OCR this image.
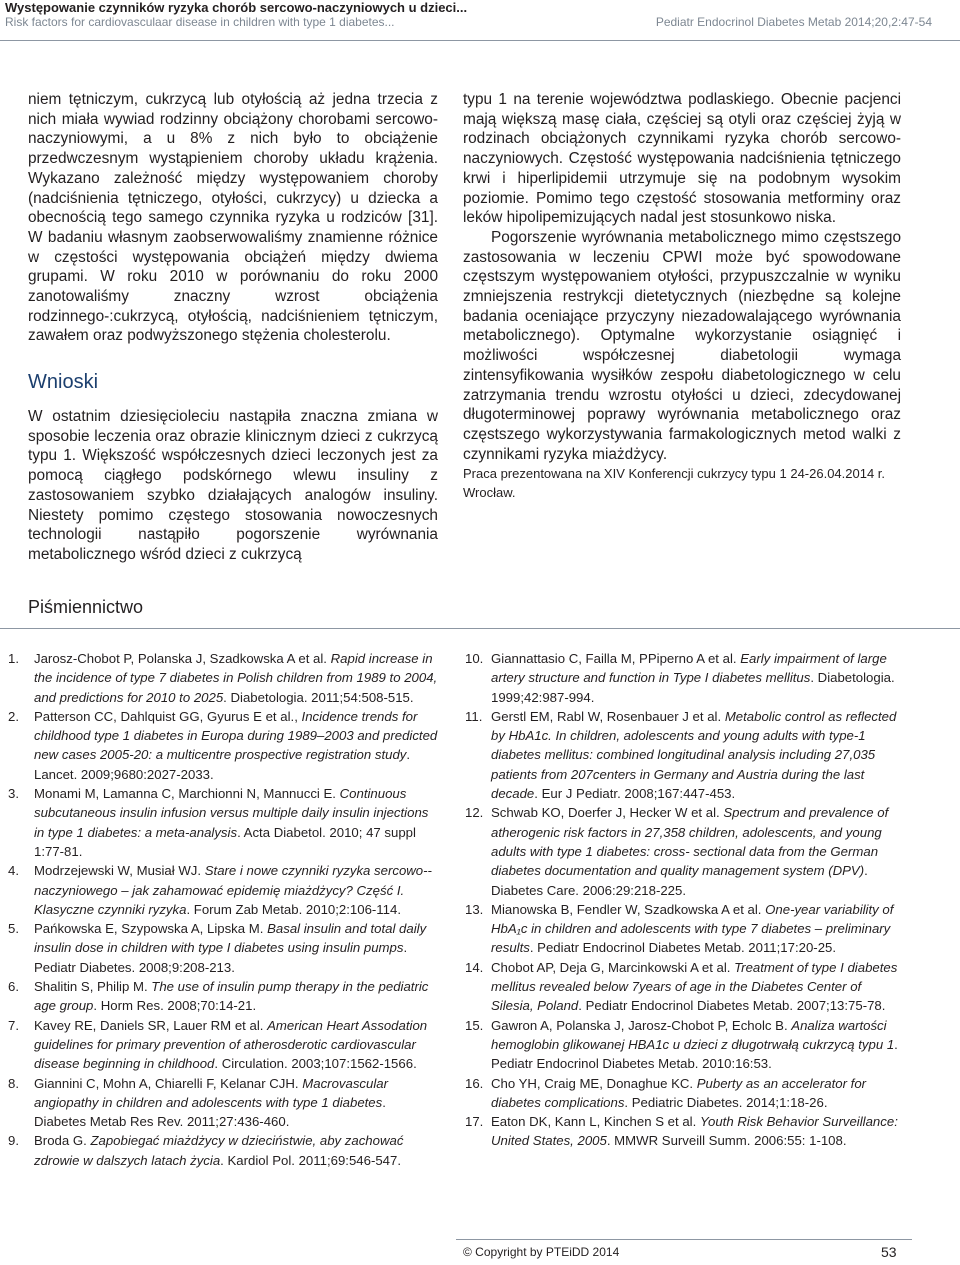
Występowanie czynników ryzyka chorób sercowo-naczyniowych u dzieci...
Risk factors for cardiovasculaar disease in children with type 1 diabetes...	Pediatr Endocrinol Diabetes Metab 2014;20,2:47-54

niem tętniczym, cukrzycą lub otyłością aż jedna trzecia z nich miała wywiad rodzinny obciążony chorobami sercowo-naczyniowymi, a u 8% z nich było to obciążenie przedwczesnym wystąpieniem choroby układu krążenia. Wykazano zależność między występowaniem choroby (nadciśnienia tętniczego, otyłości, cukrzycy) u dziecka a obecnością tego samego czynnika ryzyka u rodziców [31]. W badaniu własnym zaobserwowaliśmy znamienne różnice w częstości występowania obciążeń między dwiema grupami. W roku 2010 w porównaniu do roku 2000 zanotowaliśmy znaczny wzrost obciążenia rodzinnego-:cukrzycą, otyłością, nadciśnieniem tętniczym, zawałem oraz podwyższonego stężenia cholesterolu.

Wnioski

W ostatnim dziesięcioleciu nastąpiła znaczna zmiana w sposobie leczenia oraz obrazie klinicznym dzieci z cukrzycą typu 1. Większość współczesnych dzieci leczonych jest za pomocą ciągłego podskórnego wlewu insuliny z zastosowaniem szybko działających analogów insuliny. Niestety pomimo częstego stosowania nowoczesnych technologii nastąpiło pogorszenie wyrównania metabolicznego wśród dzieci z cukrzycą

typu 1 na terenie województwa podlaskiego. Obecnie pacjenci mają większą masę ciała, częściej są otyli oraz częściej żyją w rodzinach obciążonych czynnikami ryzyka chorób sercowo-naczyniowych. Częstość występowania nadciśnienia tętniczego krwi i hiperlipidemii utrzymuje się na podobnym wysokim poziomie. Pomimo tego częstość stosowania metforminy oraz leków hipolipemizujących nadal jest stosunkowo niska.

Pogorszenie wyrównania metabolicznego mimo częstszego zastosowania w leczeniu CPWI może być spowodowane częstszym występowaniem otyłości, przypuszczalnie w wyniku zmniejszenia restrykcji dietetycznych (niezbędne są kolejne badania oceniające przyczyny niezadowalającego wyrównania metabolicznego). Optymalne wykorzystanie osiągnięć i możliwości współczesnej diabetologii wymaga zintensyfikowania wysiłków zespołu diabetologicznego w celu zatrzymania trendu wzrostu otyłości u dzieci, zdecydowanej długoterminowej poprawy wyrównania metabolicznego oraz częstszego wykorzystywania farmakologicznych metod walki z czynnikami ryzyka miażdżycy.

Praca prezentowana na XIV Konferencji cukrzycy typu 1 24-26.04.2014 r. Wrocław.

Piśmiennictwo
1.	Jarosz-Chobot P, Polanska J, Szadkowska A et al. Rapid increase in the incidence of type 7 diabetes in Polish children from 1989 to 2004, and predictions for 2010 to 2025. Diabetologia. 2011;54:508-515.
2.	Patterson CC, Dahlquist GG, Gyurus E et al., Incidence trends for childhood type 1 diabetes in Europa during 1989–2003 and predicted new cases 2005-20: a multicentre prospective registration study. Lancet. 2009;9680:2027-2033.
3.	Monami M, Lamanna C, Marchionni N, Mannucci E. Continuous subcutaneous insulin infusion versus multiple daily insulin injections in type 1 diabetes: a meta-analysis. Acta Diabetol. 2010; 47 suppl 1:77-81.
4.	Modrzejewski W, Musiał WJ. Stare i nowe czynniki ryzyka sercowo--naczyniowego – jak zahamować epidemię miażdżycy? Część I. Klasyczne czynniki ryzyka. Forum Zab Metab. 2010;2:106-114.
5.	Pańkowska E, Szypowska A, Lipska M. Basal insulin and total daily insulin dose in children with type I diabetes using insulin pumps. Pediatr Diabetes. 2008;9:208-213.
6.	Shalitin S, Philip M. The use of insulin pump therapy in the pediatric age group. Horm Res. 2008;70:14-21.
7.	Kavey RE, Daniels SR, Lauer RM et al. American Heart Assodation guidelines for primary prevention of atherosderotic cardiovascular disease beginning in childhood. Circulation. 2003;107:1562-1566.
8.	Giannini C, Mohn A, Chiarelli F, Kelanar CJH. Macrovascular angiopathy in children and adolescents with type 1 diabetes. Diabetes Metab Res Rev. 2011;27:436-460.
9.	Broda G. Zapobiegać miażdżycy w dzieciństwie, aby zachować zdrowie w dalszych latach życia. Kardiol Pol. 2011;69:546-547.
10. Giannattasio C, Failla M, PPiperno A et al. Early impairment of large artery structure and function in Type I diabetes mellitus. Diabetologia. 1999;42:987-994.
11. Gerstl EM, Rabl W, Rosenbauer J et al. Metabolic control as reflected by HbA1c. In children, adolescents and young adults with type-1 diabetes mellitus: combined longitudinal analysis including 27,035 patients from 207centers in Germany and Austria during the last decade. Eur J Pediatr. 2008;167:447-453.
12. Schwab KO, Doerfer J, Hecker W et al. Spectrum and prevalence of atherogenic risk factors in 27,358 children, adolescents, and young adults with type 1 diabetes: cross- sectional data from the German diabetes documentation and quality management system (DPV). Diabetes Care. 2006:29:218-225.
13. Mianowska B, Fendler W, Szadkowska A et al. One-year variability of HbA₁c in children and adolescents with type 7 diabetes – preliminary results. Pediatr Endocrinol Diabetes Metab. 2011;17:20-25.
14. Chobot AP, Deja G, Marcinkowski A et al. Treatment of type I diabetes mellitus revealed below 7years of age in the Diabetes Center of Silesia, Poland. Pediatr Endocrinol Diabetes Metab. 2007;13:75-78.
15. Gawron A, Polanska J, Jarosz-Chobot P, Echolc B. Analiza wartości hemoglobin glikowanej HBA1c u dzieci z długotrwałą cukrzycą typu 1. Pediatr Endocrinol Diabetes Metab. 2010:16:53.
16. Cho YH, Craig ME, Donaghue KC. Puberty as an accelerator for diabetes complications. Pediatric Diabetes. 2014;1:18-26.
17. Eaton DK, Kann L, Kinchen S et al. Youth Risk Behavior Surveillance: United States, 2005. MMWR Surveill Summ. 2006:55: 1-108.
© Copyright by PTEiDD 2014	53
